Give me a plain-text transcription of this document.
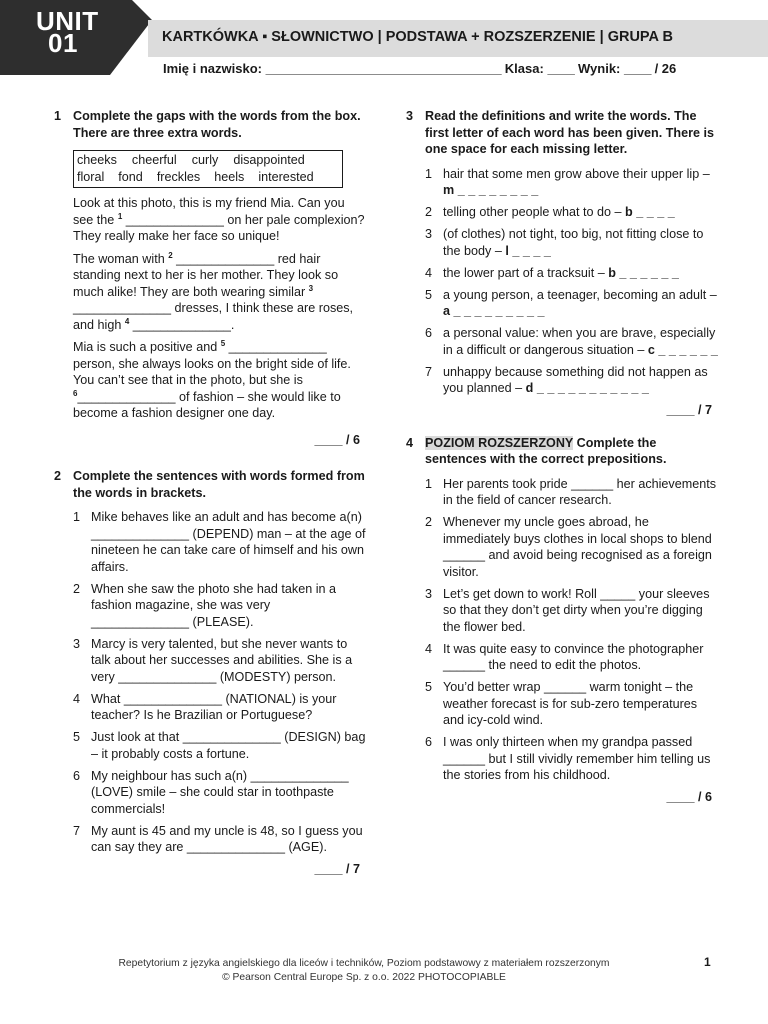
UNIT
01	KARTKÓWKA ▪ SŁOWNICTWO | PODSTAWA + ROZSZERZENIE | GRUPA B
Imię i nazwisko: ___________________________________ Klasa: ____ Wynik: ____ / 26
1 Complete the gaps with the words from the box. There are three extra words.
cheeks	cheerful	curly	disappointed
floral	fond	freckles	heels	interested

Look at this photo, this is my friend Mia. Can you see the $^1$ ______________ on her pale complexion? They really make her face so unique!

The woman with $^2$ ______________ red hair standing next to her is her mother. They look so much alike! They are both wearing similar $^3$ ______________ dresses, I think these are roses, and high $^4$ ______________.

Mia is such a positive and $^5$ ______________ person, she always looks on the bright side of life. You can’t see that in the photo, but she is $^6$______________ of fashion – she would like to become a fashion designer one day.

____ / 6
2 Complete the sentences with words formed from the words in brackets.
1 Mike behaves like an adult and has become a(n) ______________ (DEPEND) man – at the age of nineteen he can take care of himself and his own affairs.
2 When she saw the photo she had taken in a fashion magazine, she was very ______________ (PLEASE).
3 Marcy is very talented, but she never wants to talk about her successes and abilities. She is a very ______________ (MODESTY) person.
4 What ______________ (NATIONAL) is your teacher? Is he Brazilian or Portuguese?
5 Just look at that ______________ (DESIGN) bag – it probably costs a fortune.
6 My neighbour has such a(n) ______________ (LOVE) smile – she could star in toothpaste commercials!
7 My aunt is 45 and my uncle is 48, so I guess you can say they are ______________ (AGE).
____ / 7
3 Read the definitions and write the words. The first letter of each word has been given. There is one space for each missing letter.
1 hair that some men grow above their upper lip – m _ _ _ _ _ _ _ _
2 telling other people what to do – b _ _ _ _
3 (of clothes) not tight, too big, not fitting close to the body – l _ _ _ _
4 the lower part of a tracksuit – b _ _ _ _ _ _
5 a young person, a teenager, becoming an adult – a _ _ _ _ _ _ _ _ _
6 a personal value: when you are brave, especially in a difficult or dangerous situation – c _ _ _ _ _ _
7 unhappy because something did not happen as you planned – d _ _ _ _ _ _ _ _ _ _ _
____ / 7
4 POZIOM ROZSZERZONY Complete the sentences with the correct prepositions.
1 Her parents took pride ______ her achievements in the field of cancer research.
2 Whenever my uncle goes abroad, he immediately buys clothes in local shops to blend ______ and avoid being recognised as a foreign visitor.
3 Let’s get down to work! Roll _____ your sleeves so that they don’t get dirty when you’re digging the flower bed.
4 It was quite easy to convince the photographer ______ the need to edit the photos.
5 You’d better wrap ______ warm tonight – the weather forecast is for sub-zero temperatures and icy-cold wind.
6 I was only thirteen when my grandpa passed ______ but I still vividly remember him telling us the stories from his childhood.
____ / 6
Repetytorium z języka angielskiego dla liceów i techników, Poziom podstawowy z materiałem rozszerzonym
© Pearson Central Europe Sp. z o.o. 2022 PHOTOCOPIABLE
1
